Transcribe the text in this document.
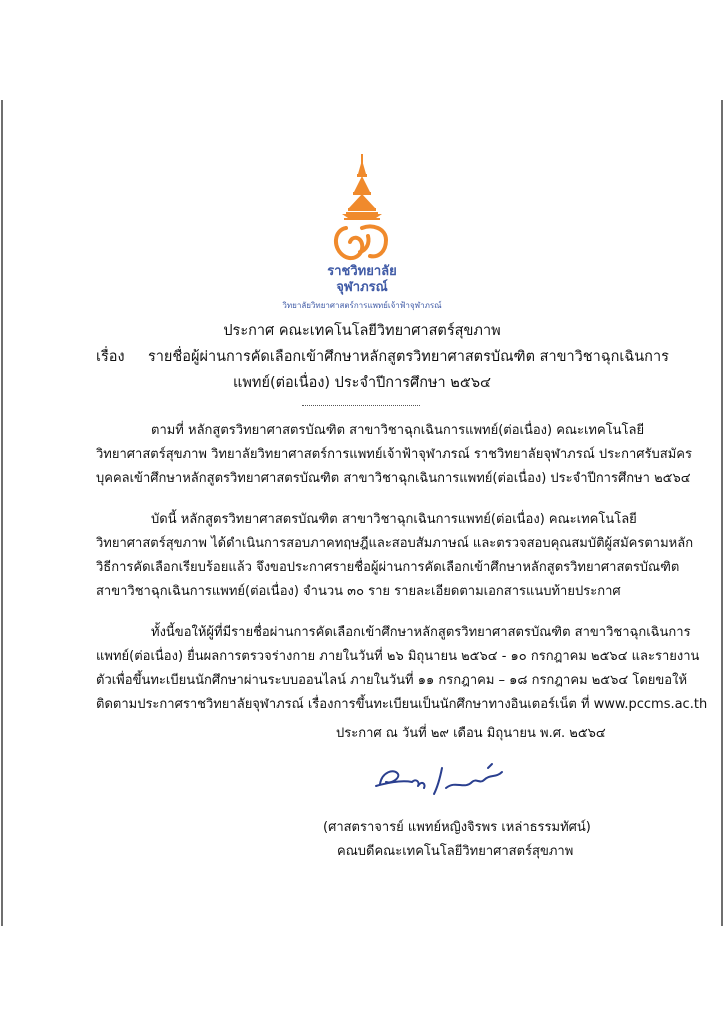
ราชวิทยาลัย
จุฬาภรณ์
วิทยาลัยวิทยาศาสตร์การแพทย์เจ้าฟ้าจุฬาภรณ์
ประกาศ คณะเทคโนโลยีวิทยาศาสตร์สุขภาพ
เรื่อง รายชื่อผู้ผ่านการคัดเลือกเข้าศึกษาหลักสูตรวิทยาศาสตรบัณฑิต สาขาวิชาฉุกเฉินการ
แพทย์(ต่อเนื่อง) ประจำปีการศึกษา ๒๕๖๔
ตามที่ หลักสูตรวิทยาศาสตรบัณฑิต สาขาวิชาฉุกเฉินการแพทย์(ต่อเนื่อง) คณะเทคโนโลยี
วิทยาศาสตร์สุขภาพ วิทยาลัยวิทยาศาสตร์การแพทย์เจ้าฟ้าจุฬาภรณ์ ราชวิทยาลัยจุฬาภรณ์ ประกาศรับสมัคร
บุคคลเข้าศึกษาหลักสูตรวิทยาศาสตรบัณฑิต สาขาวิชาฉุกเฉินการแพทย์(ต่อเนื่อง) ประจำปีการศึกษา ๒๕๖๔
บัดนี้ หลักสูตรวิทยาศาสตรบัณฑิต สาขาวิชาฉุกเฉินการแพทย์(ต่อเนื่อง) คณะเทคโนโลยี
วิทยาศาสตร์สุขภาพ ได้ดำเนินการสอบภาคทฤษฎีและสอบสัมภาษณ์ และตรวจสอบคุณสมบัติผู้สมัครตามหลัก
วิธีการคัดเลือกเรียบร้อยแล้ว จึงขอประกาศรายชื่อผู้ผ่านการคัดเลือกเข้าศึกษาหลักสูตรวิทยาศาสตรบัณฑิต
สาขาวิชาฉุกเฉินการแพทย์(ต่อเนื่อง) จำนวน ๓๐ ราย รายละเอียดตามเอกสารแนบท้ายประกาศ
ทั้งนี้ขอให้ผู้ที่มีรายชื่อผ่านการคัดเลือกเข้าศึกษาหลักสูตรวิทยาศาสตรบัณฑิต สาขาวิชาฉุกเฉินการ
แพทย์(ต่อเนื่อง) ยื่นผลการตรวจร่างกาย ภายในวันที่ ๒๖ มิถุนายน ๒๕๖๔ - ๑๐ กรกฎาคม ๒๕๖๔ และรายงาน
ตัวเพื่อขึ้นทะเบียนนักศึกษาผ่านระบบออนไลน์ ภายในวันที่ ๑๑ กรกฎาคม – ๑๘ กรกฎาคม ๒๕๖๔ โดยขอให้
ติดตามประกาศราชวิทยาลัยจุฬาภรณ์ เรื่องการขึ้นทะเบียนเป็นนักศึกษาทางอินเตอร์เน็ต ที่ www.pccms.ac.th
ประกาศ ณ วันที่ ๒๙ เดือน มิถุนายน พ.ศ. ๒๕๖๔
(ศาสตราจารย์ แพทย์หญิงจิรพร เหล่าธรรมทัศน์)
คณบดีคณะเทคโนโลยีวิทยาศาสตร์สุขภาพ
